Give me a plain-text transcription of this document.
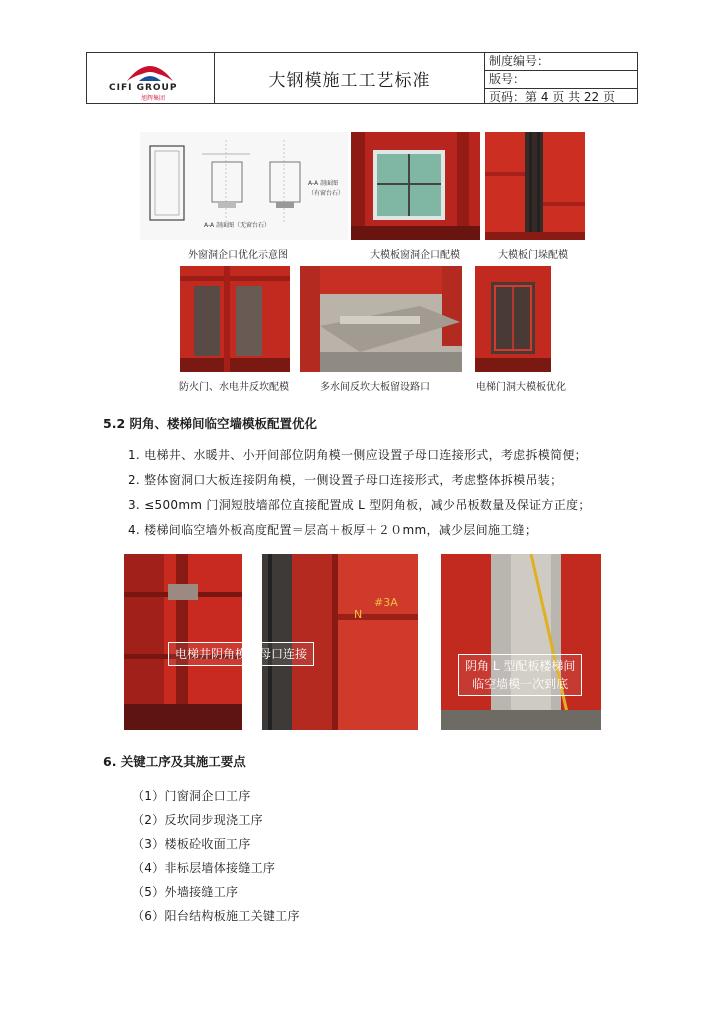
CIFI GROUP
旭辉集团
大钢模施工工艺标准
制度编号：
版号：
页码：第 4 页 共 22 页
A-A 剖面图（无窗台石）
A-A 剖面图
（有窗台石）
外窗洞企口优化示意图	大模板窗洞企口配模	大模板门垛配模
防火门、水电井反坎配模	多水间反坎大板留设路口	电梯门洞大模板优化
5.2 阴角、楼梯间临空墙模板配置优化
1. 电梯井、水暖井、小开间部位阴角模一侧应设置子母口连接形式，考虑拆模简便；
2. 整体窗洞口大板连接阴角模，一侧设置子母口连接形式，考虑整体拆模吊装；
3. ≤500mm 门洞短肢墙部位直接配置成 L 型阴角板，减少吊板数量及保证方正度；
4. 楼梯间临空墙外板高度配置＝层高＋板厚＋２０mm，减少层间施工缝；
N
#3A
电梯井阴角模子母口连接
阴角 L 型配板楼梯间
临空墙模一次到底
6. 关键工序及其施工要点
（1）门窗洞企口工序
（2）反坎同步现浇工序
（3）楼板砼收面工序
（4）非标层墙体接缝工序
（5）外墙接缝工序
（6）阳台结构板施工关键工序
